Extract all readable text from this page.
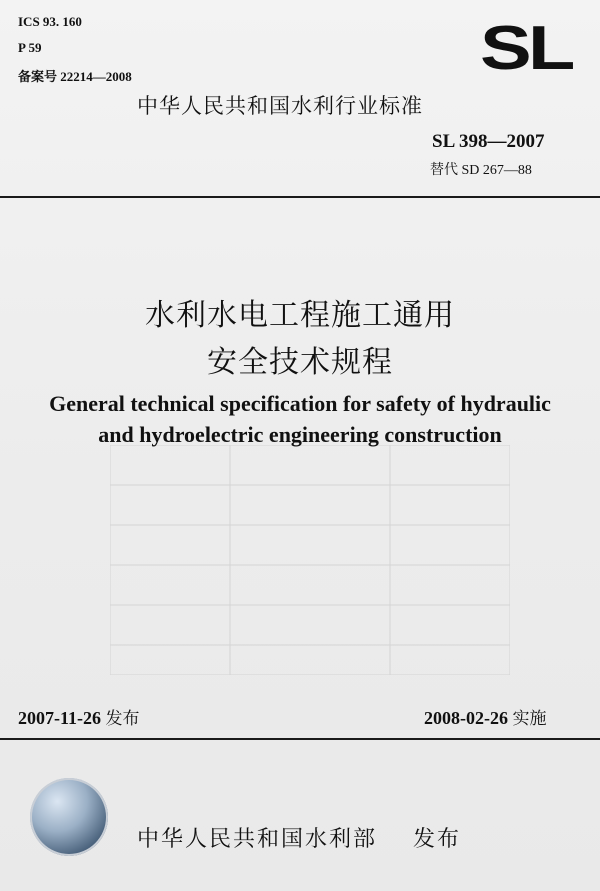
ICS 93. 160
P 59
备案号 22214—2008	SL
中华人民共和国水利行业标准
SL 398—2007
替代 SD 267—88
水利水电工程施工通用
安全技术规程
General technical specification for safety of hydraulic
and hydroelectric engineering construction
2007-11-26 发布	2008-02-26 实施
中华人民共和国水利部 发布
